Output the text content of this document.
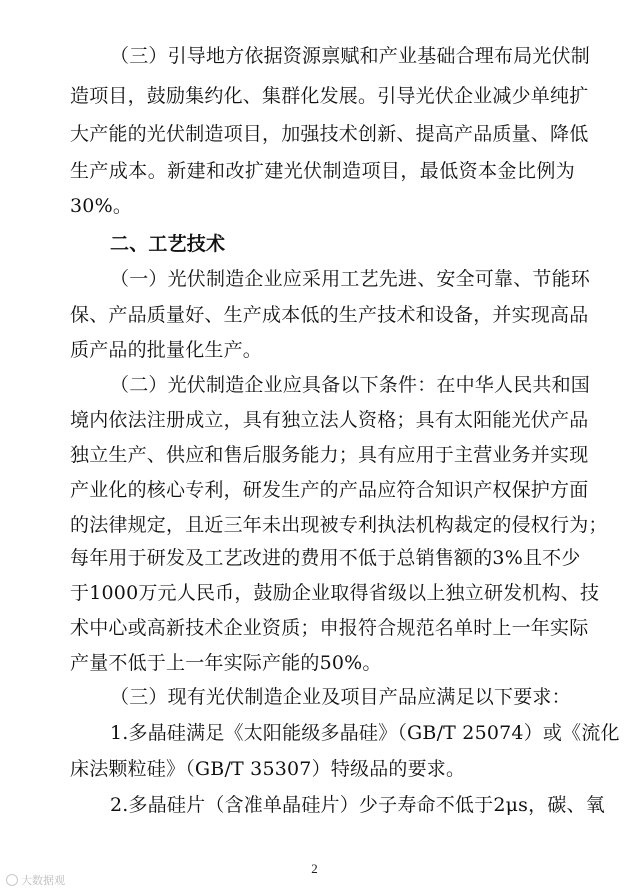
（三）引导地方依据资源禀赋和产业基础合理布局光伏制
造项目，鼓励集约化、集群化发展。引导光伏企业减少单纯扩
大产能的光伏制造项目，加强技术创新、提高产品质量、降低
生产成本。新建和改扩建光伏制造项目，最低资本金比例为
30%。
二、工艺技术
（一）光伏制造企业应采用工艺先进、安全可靠、节能环
保、产品质量好、生产成本低的生产技术和设备，并实现高品
质产品的批量化生产。
（二）光伏制造企业应具备以下条件：在中华人民共和国
境内依法注册成立，具有独立法人资格；具有太阳能光伏产品
独立生产、供应和售后服务能力；具有应用于主营业务并实现
产业化的核心专利，研发生产的产品应符合知识产权保护方面
的法律规定，且近三年未出现被专利执法机构裁定的侵权行为；
每年用于研发及工艺改进的费用不低于总销售额的3%且不少
于1000万元人民币，鼓励企业取得省级以上独立研发机构、技
术中心或高新技术企业资质；申报符合规范名单时上一年实际
产量不低于上一年实际产能的50%。
（三）现有光伏制造企业及项目产品应满足以下要求：
1.多晶硅满足《太阳能级多晶硅》（GB/T 25074）或《流化
床法颗粒硅》（GB/T 35307）特级品的要求。
2.多晶硅片（含准单晶硅片）少子寿命不低于2μs，碳、氧
2
大数据观
